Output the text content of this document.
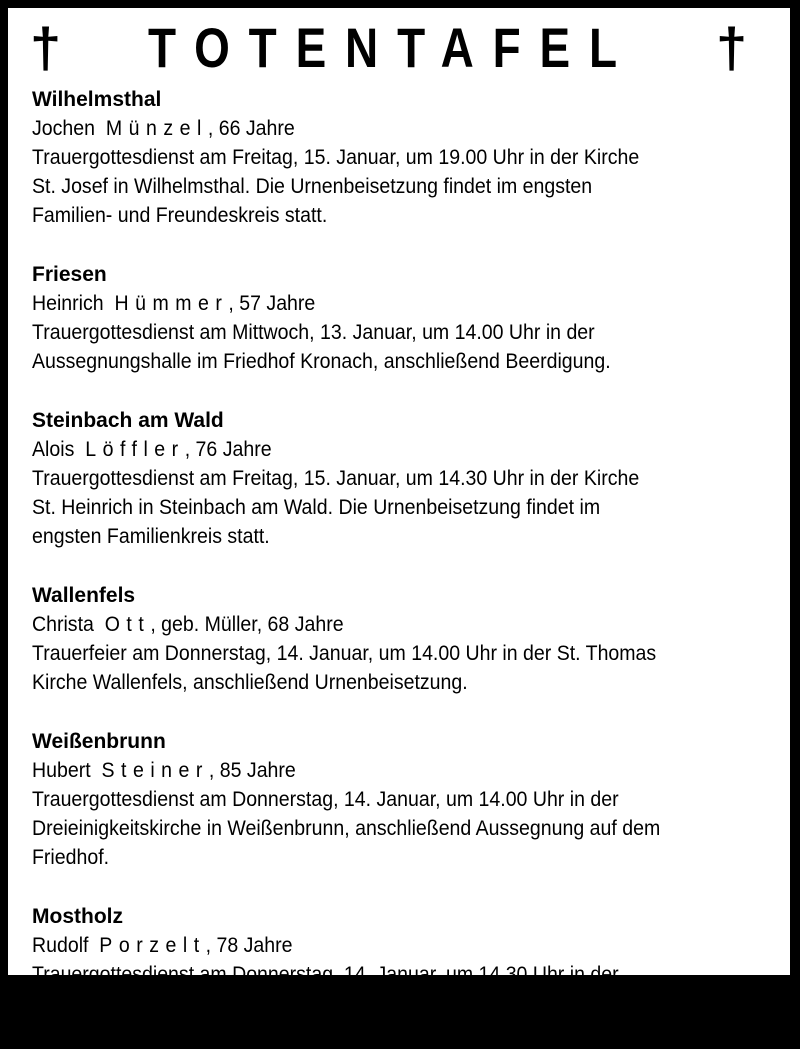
† TOTENTAFEL †
Wilhelmsthal
Jochen Münzel, 66 Jahre
Trauergottesdienst am Freitag, 15. Januar, um 19.00 Uhr in der Kirche
St. Josef in Wilhelmsthal. Die Urnenbeisetzung findet im engsten
Familien- und Freundeskreis statt.
Friesen
Heinrich Hümmer, 57 Jahre
Trauergottesdienst am Mittwoch, 13. Januar, um 14.00 Uhr in der
Aussegnungshalle im Friedhof Kronach, anschließend Beerdigung.
Steinbach am Wald
Alois Löffler, 76 Jahre
Trauergottesdienst am Freitag, 15. Januar, um 14.30 Uhr in der Kirche
St. Heinrich in Steinbach am Wald. Die Urnenbeisetzung findet im
engsten Familienkreis statt.
Wallenfels
Christa Ott, geb. Müller, 68 Jahre
Trauerfeier am Donnerstag, 14. Januar, um 14.00 Uhr in der St. Thomas
Kirche Wallenfels, anschließend Urnenbeisetzung.
Weißenbrunn
Hubert Steiner, 85 Jahre
Trauergottesdienst am Donnerstag, 14. Januar, um 14.00 Uhr in der
Dreieinigkeitskirche in Weißenbrunn, anschließend Aussegnung auf dem
Friedhof.
Mostholz
Rudolf Porzelt, 78 Jahre
Trauergottesdienst am Donnerstag, 14. Januar, um 14.30 Uhr in der
Kirche St. Anna in Haig, anschließend Beerdigung.
